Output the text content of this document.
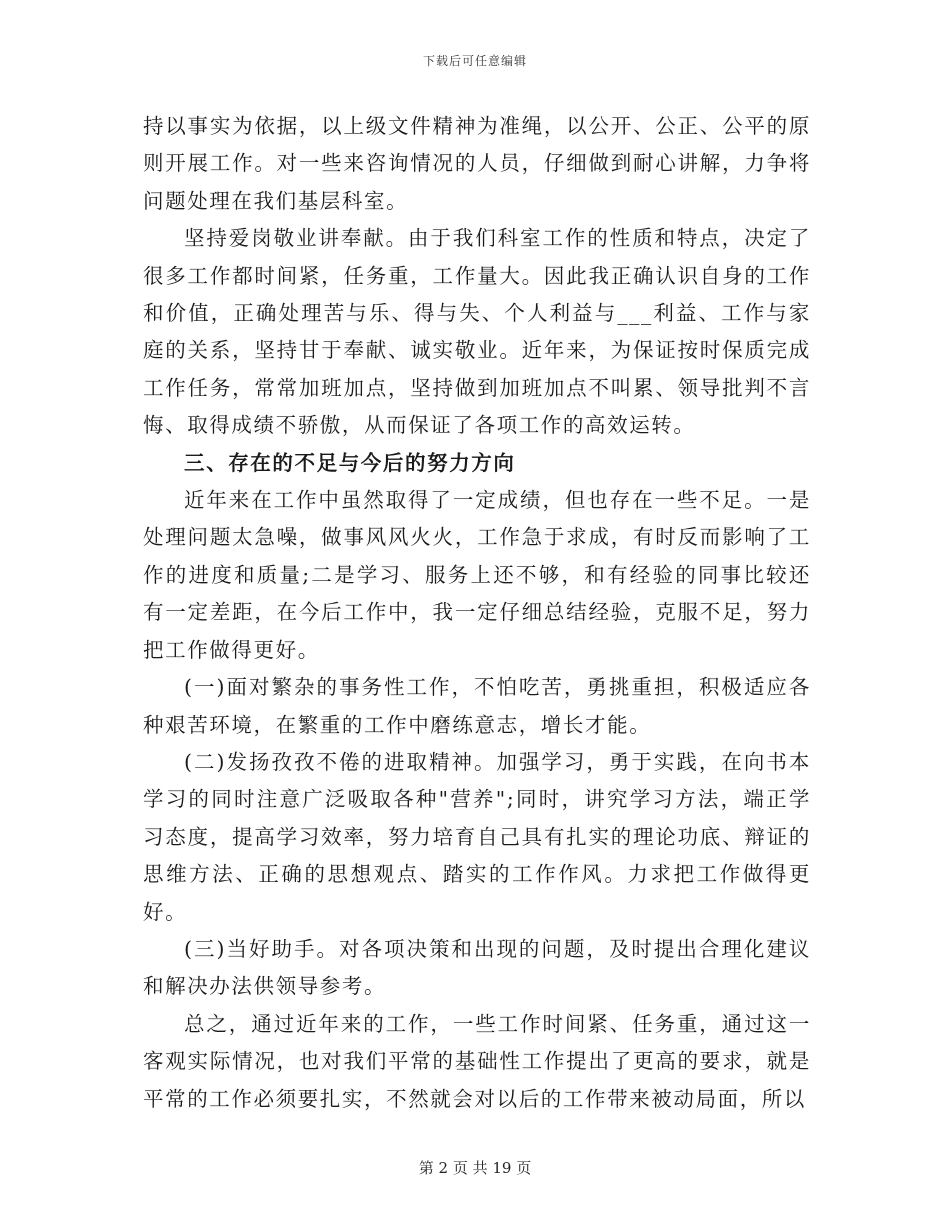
下载后可任意编辑

持以事实为依据，以上级文件精神为准绳，以公开、公正、公平的原则开展工作。对一些来咨询情况的人员，仔细做到耐心讲解，力争将问题处理在我们基层科室。

坚持爱岗敬业讲奉献。由于我们科室工作的性质和特点，决定了很多工作都时间紧，任务重，工作量大。因此我正确认识自身的工作和价值，正确处理苦与乐、得与失、个人利益与___利益、工作与家庭的关系，坚持甘于奉献、诚实敬业。近年来，为保证按时保质完成工作任务，常常加班加点，坚持做到加班加点不叫累、领导批判不言悔、取得成绩不骄傲，从而保证了各项工作的高效运转。

三、存在的不足与今后的努力方向

近年来在工作中虽然取得了一定成绩，但也存在一些不足。一是处理问题太急噪，做事风风火火，工作急于求成，有时反而影响了工作的进度和质量;二是学习、服务上还不够，和有经验的同事比较还有一定差距，在今后工作中，我一定仔细总结经验，克服不足，努力把工作做得更好。

(一)面对繁杂的事务性工作，不怕吃苦，勇挑重担，积极适应各种艰苦环境，在繁重的工作中磨练意志，增长才能。

(二)发扬孜孜不倦的进取精神。加强学习，勇于实践，在向书本学习的同时注意广泛吸取各种"营养";同时，讲究学习方法，端正学习态度，提高学习效率，努力培育自己具有扎实的理论功底、辩证的思维方法、正确的思想观点、踏实的工作作风。力求把工作做得更好。

(三)当好助手。对各项决策和出现的问题，及时提出合理化建议和解决办法供领导参考。

总之，通过近年来的工作，一些工作时间紧、任务重，通过这一客观实际情况，也对我们平常的基础性工作提出了更高的要求，就是平常的工作必须要扎实，不然就会对以后的工作带来被动局面，所以

第 2 页 共 19 页
